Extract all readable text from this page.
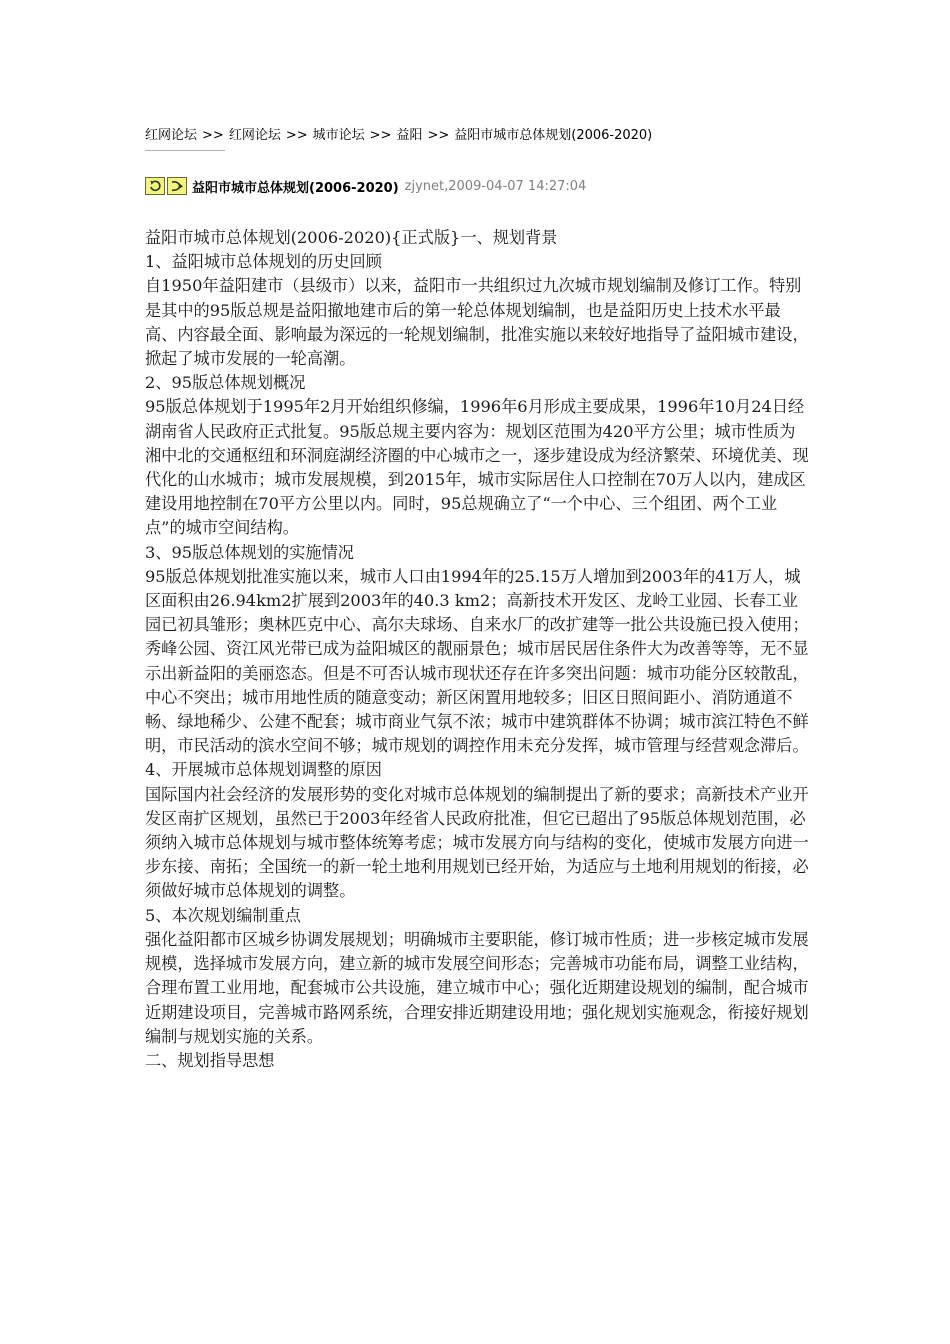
红网论坛 >> 红网论坛 >> 城市论坛 >> 益阳 >> 益阳市城市总体规划(2006-2020)
益阳市城市总体规划(2006-2020) zjynet,2009-04-07 14:27:04

益阳市城市总体规划(2006-2020){正式版}一、规划背景

1、益阳城市总体规划的历史回顾

自1950年益阳建市（县级市）以来，益阳市一共组织过九次城市规划编制及修订工作。特别是其中的95版总规是益阳撤地建市后的第一轮总体规划编制，也是益阳历史上技术水平最高、内容最全面、影响最为深远的一轮规划编制，批准实施以来较好地指导了益阳城市建设，掀起了城市发展的一轮高潮。

2、95版总体规划概况

95版总体规划于1995年2月开始组织修编，1996年6月形成主要成果，1996年10月24日经湖南省人民政府正式批复。95版总规主要内容为：规划区范围为420平方公里；城市性质为湘中北的交通枢纽和环洞庭湖经济圈的中心城市之一，逐步建设成为经济繁荣、环境优美、现代化的山水城市；城市发展规模，到2015年，城市实际居住人口控制在70万人以内，建成区建设用地控制在70平方公里以内。同时，95总规确立了“一个中心、三个组团、两个工业点”的城市空间结构。

3、95版总体规划的实施情况

95版总体规划批准实施以来，城市人口由1994年的25.15万人增加到2003年的41万人，城区面积由26.94km2扩展到2003年的40.3 km2；高新技术开发区、龙岭工业园、长春工业园已初具雏形；奥林匹克中心、高尔夫球场、自来水厂的改扩建等一批公共设施已投入使用；秀峰公园、资江风光带已成为益阳城区的靓丽景色；城市居民居住条件大为改善等等，无不显示出新益阳的美丽恣态。但是不可否认城市现状还存在许多突出问题：城市功能分区较散乱，中心不突出；城市用地性质的随意变动；新区闲置用地较多；旧区日照间距小、消防通道不畅、绿地稀少、公建不配套；城市商业气氛不浓；城市中建筑群体不协调；城市滨江特色不鲜明，市民活动的滨水空间不够；城市规划的调控作用未充分发挥，城市管理与经营观念滞后。

4、开展城市总体规划调整的原因

国际国内社会经济的发展形势的变化对城市总体规划的编制提出了新的要求；高新技术产业开发区南扩区规划，虽然已于2003年经省人民政府批准，但它已超出了95版总体规划范围，必须纳入城市总体规划与城市整体统筹考虑；城市发展方向与结构的变化，使城市发展方向进一步东接、南拓；全国统一的新一轮土地利用规划已经开始，为适应与土地利用规划的衔接，必须做好城市总体规划的调整。

5、本次规划编制重点

强化益阳都市区城乡协调发展规划；明确城市主要职能，修订城市性质；进一步核定城市发展规模，选择城市发展方向，建立新的城市发展空间形态；完善城市功能布局，调整工业结构，合理布置工业用地，配套城市公共设施，建立城市中心；强化近期建设规划的编制，配合城市近期建设项目，完善城市路网系统，合理安排近期建设用地；强化规划实施观念，衔接好规划编制与规划实施的关系。

二、规划指导思想
